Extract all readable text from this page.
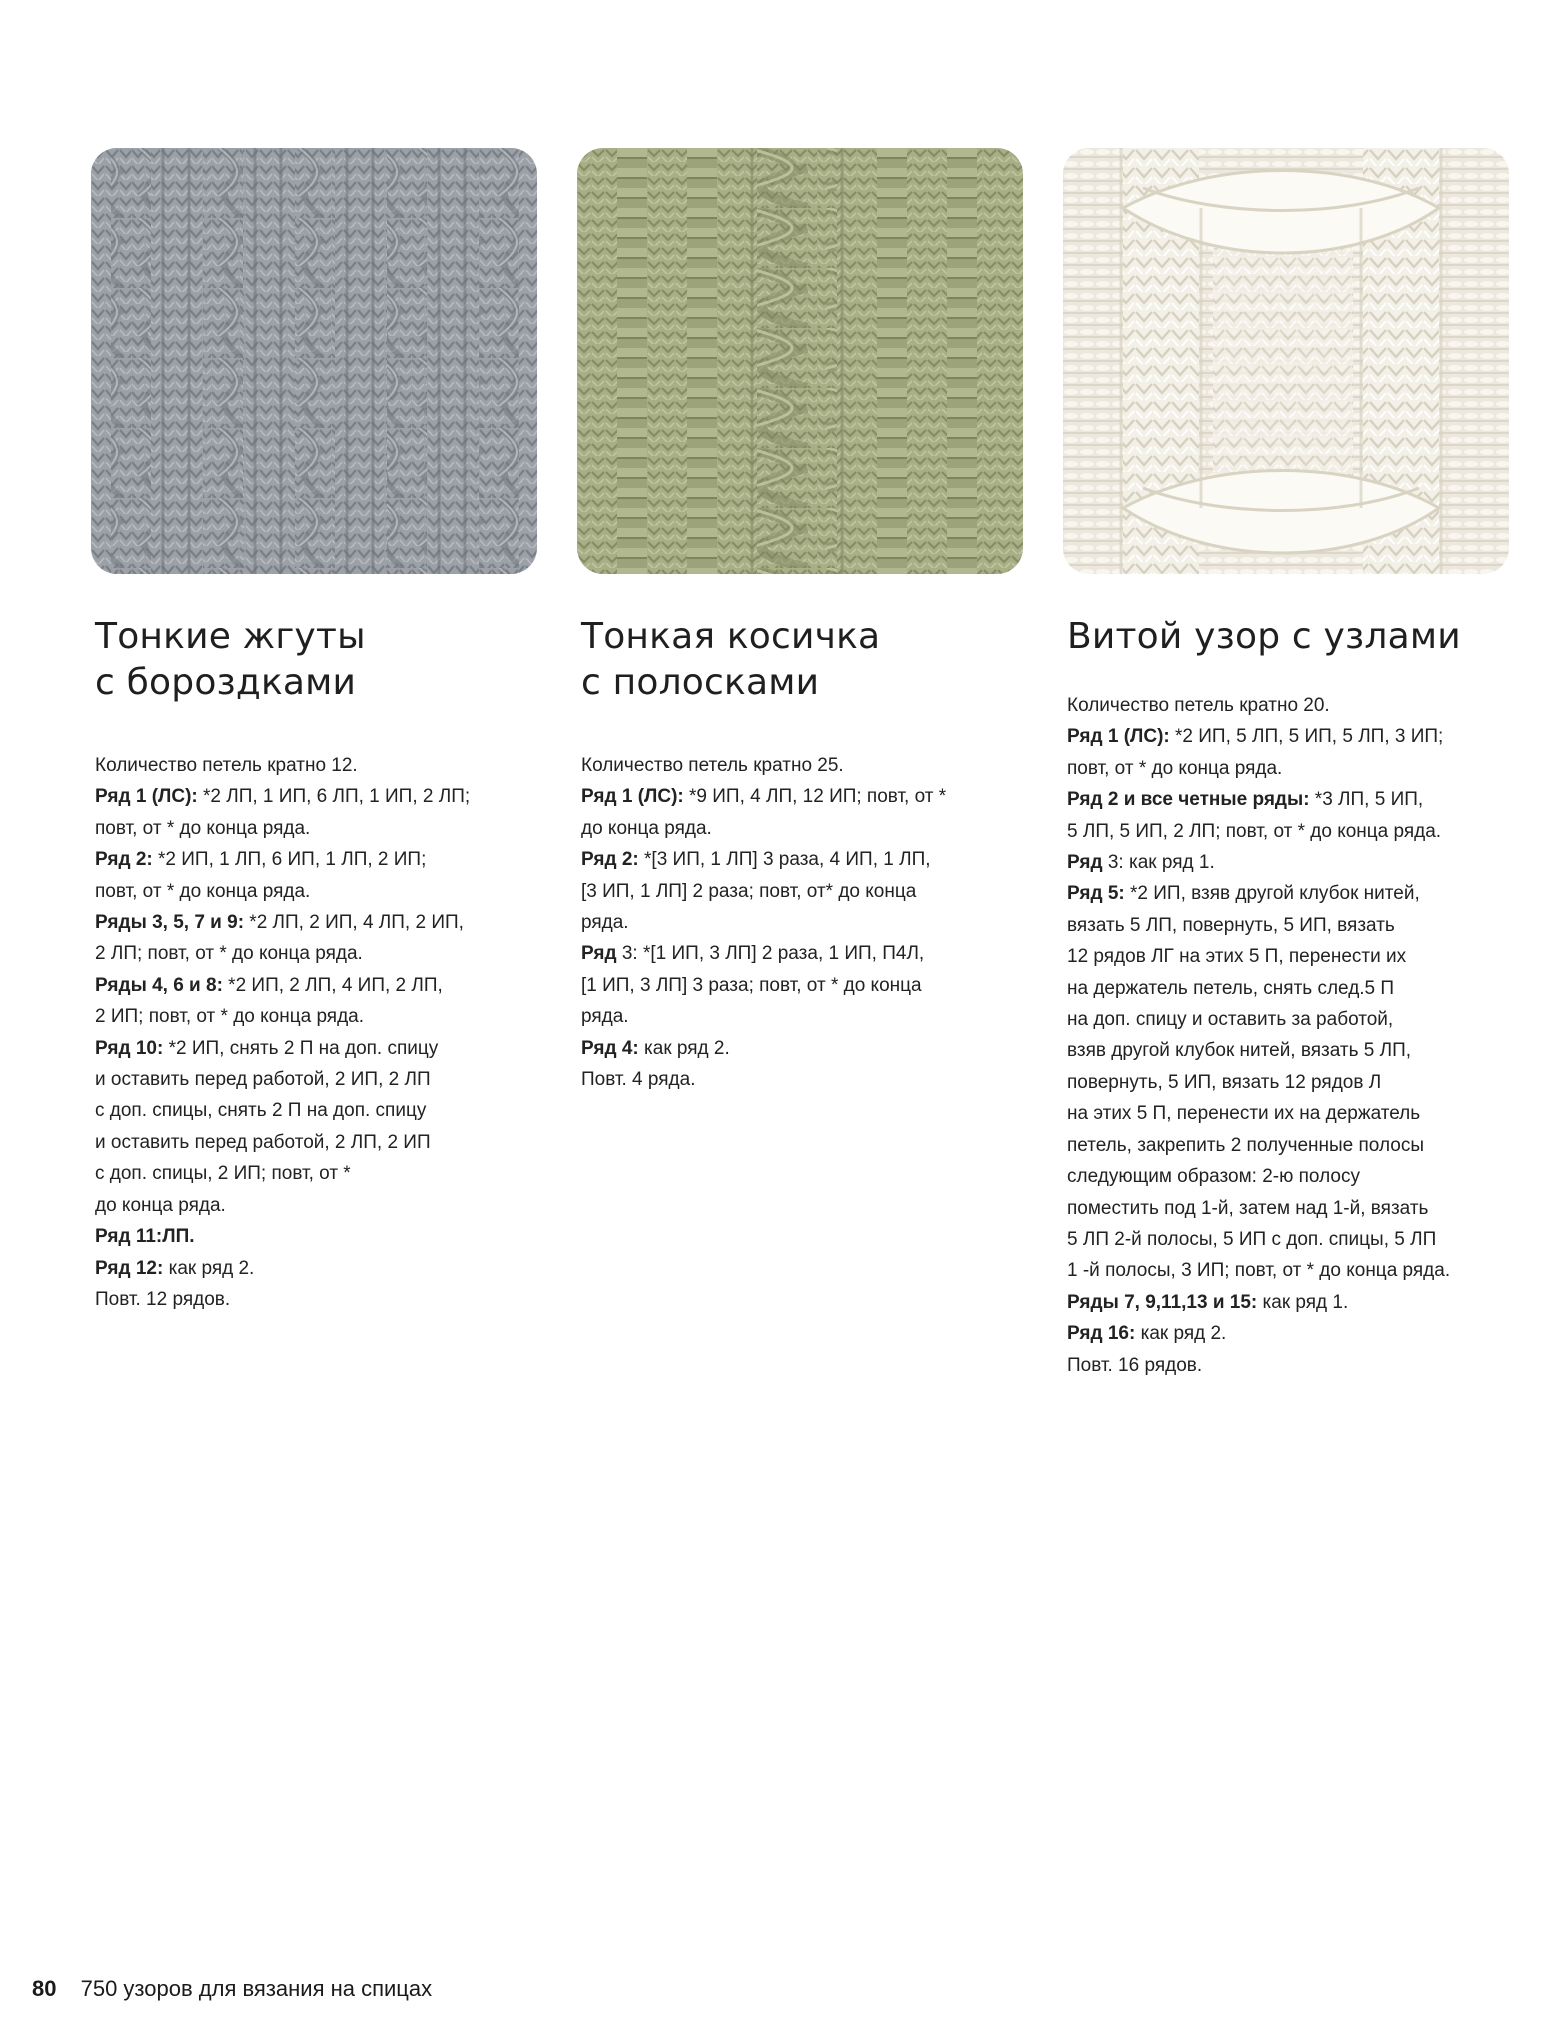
Тонкие жгуты
с бороздками
Количество петель кратно 12.
Ряд 1 (ЛС): *2 ЛП, 1 ИП, 6 ЛП, 1 ИП, 2 ЛП;
повт, от * до конца ряда.
Ряд 2: *2 ИП, 1 ЛП, 6 ИП, 1 ЛП, 2 ИП;
повт, от * до конца ряда.
Ряды 3, 5, 7 и 9: *2 ЛП, 2 ИП, 4 ЛП, 2 ИП,
2 ЛП; повт, от * до конца ряда.
Ряды 4, 6 и 8: *2 ИП, 2 ЛП, 4 ИП, 2 ЛП,
2 ИП; повт, от * до конца ряда.
Ряд 10: *2 ИП, снять 2 П на доп. спицу
и оставить перед работой, 2 ИП, 2 ЛП
с доп. спицы, снять 2 П на доп. спицу
и оставить перед работой, 2 ЛП, 2 ИП
с доп. спицы, 2 ИП; повт, от *
до конца ряда.
Ряд 11:ЛП.
Ряд 12: как ряд 2.
Повт. 12 рядов.
Тонкая косичка
с полосками
Количество петель кратно 25.
Ряд 1 (ЛС): *9 ИП, 4 ЛП, 12 ИП; повт, от *
до конца ряда.
Ряд 2: *[3 ИП, 1 ЛП] 3 раза, 4 ИП, 1 ЛП,
[3 ИП, 1 ЛП] 2 раза; повт, от* до конца
ряда.
Ряд 3: *[1 ИП, 3 ЛП] 2 раза, 1 ИП, П4Л,
[1 ИП, 3 ЛП] 3 раза; повт, от * до конца
ряда.
Ряд 4: как ряд 2.
Повт. 4 ряда.
Витой узор с узлами
Количество петель кратно 20.
Ряд 1 (ЛС): *2 ИП, 5 ЛП, 5 ИП, 5 ЛП, 3 ИП;
повт, от * до конца ряда.
Ряд 2 и все четные ряды: *3 ЛП, 5 ИП,
5 ЛП, 5 ИП, 2 ЛП; повт, от * до конца ряда.
Ряд 3: как ряд 1.
Ряд 5: *2 ИП, взяв другой клубок нитей,
вязать 5 ЛП, повернуть, 5 ИП, вязать
12 рядов ЛГ на этих 5 П, перенести их
на держатель петель, снять след.5 П
на доп. спицу и оставить за работой,
взяв другой клубок нитей, вязать 5 ЛП,
повернуть, 5 ИП, вязать 12 рядов Л
на этих 5 П, перенести их на держатель
петель, закрепить 2 полученные полосы
следующим образом: 2-ю полосу
поместить под 1-й, затем над 1-й, вязать
5 ЛП 2-й полосы, 5 ИП с доп. спицы, 5 ЛП
1 -й полосы, 3 ИП; повт, от * до конца ряда.
Ряды 7, 9,11,13 и 15: как ряд 1.
Ряд 16: как ряд 2.
Повт. 16 рядов.
80 750 узоров для вязания на спицах
